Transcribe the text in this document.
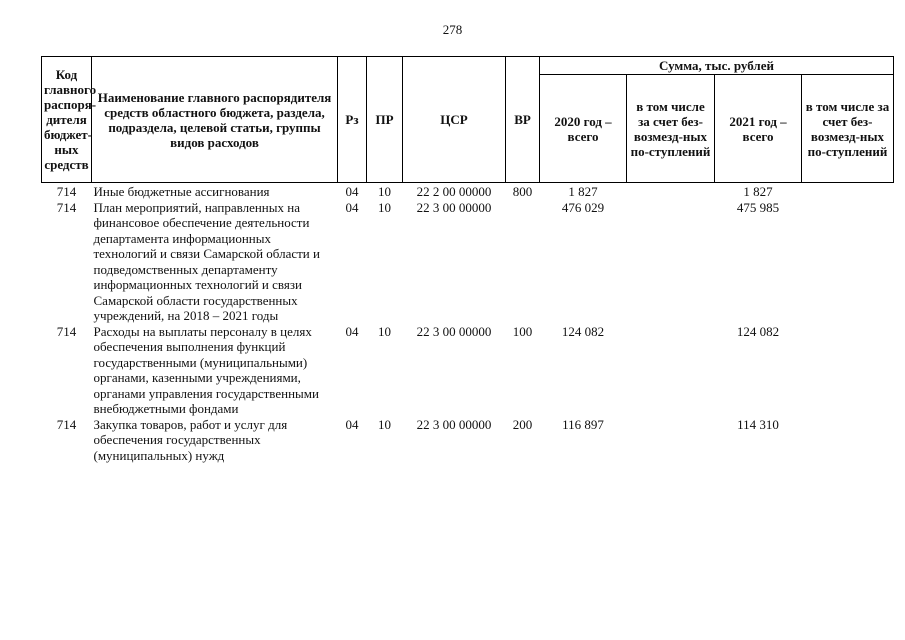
278
Код главного распоря-дителя бюджет-ных средств	Наименование главного распорядителя средств областного бюджета, раздела, подраздела, целевой статьи, группы видов расходов	Рз	ПР	ЦСР	ВР	Сумма, тыс. рублей			
						2020 год – всего	в том числе за счет без-возмезд-ных по-ступлений	2021 год – всего	в том числе за счет без-возмезд-ных по-ступлений
714	Иные бюджетные ассигнования	04	10	22 2 00 00000	800	1 827		1 827	
714	План мероприятий, направленных на финансовое обеспечение деятельности департамента информационных технологий и связи Самарской области и подведомственных департаменту информационных технологий и связи Самарской области государственных учреждений, на 2018 – 2021 годы	04	10	22 3 00 00000		476 029		475 985	
714	Расходы на выплаты персоналу в целях обеспечения выполнения функций государственными (муниципальными) органами, казенными учреждениями, органами управления государственными внебюджетными фондами	04	10	22 3 00 00000	100	124 082		124 082	
714	Закупка товаров, работ и услуг для обеспечения государственных (муниципальных) нужд	04	10	22 3 00 00000	200	116 897		114 310	
